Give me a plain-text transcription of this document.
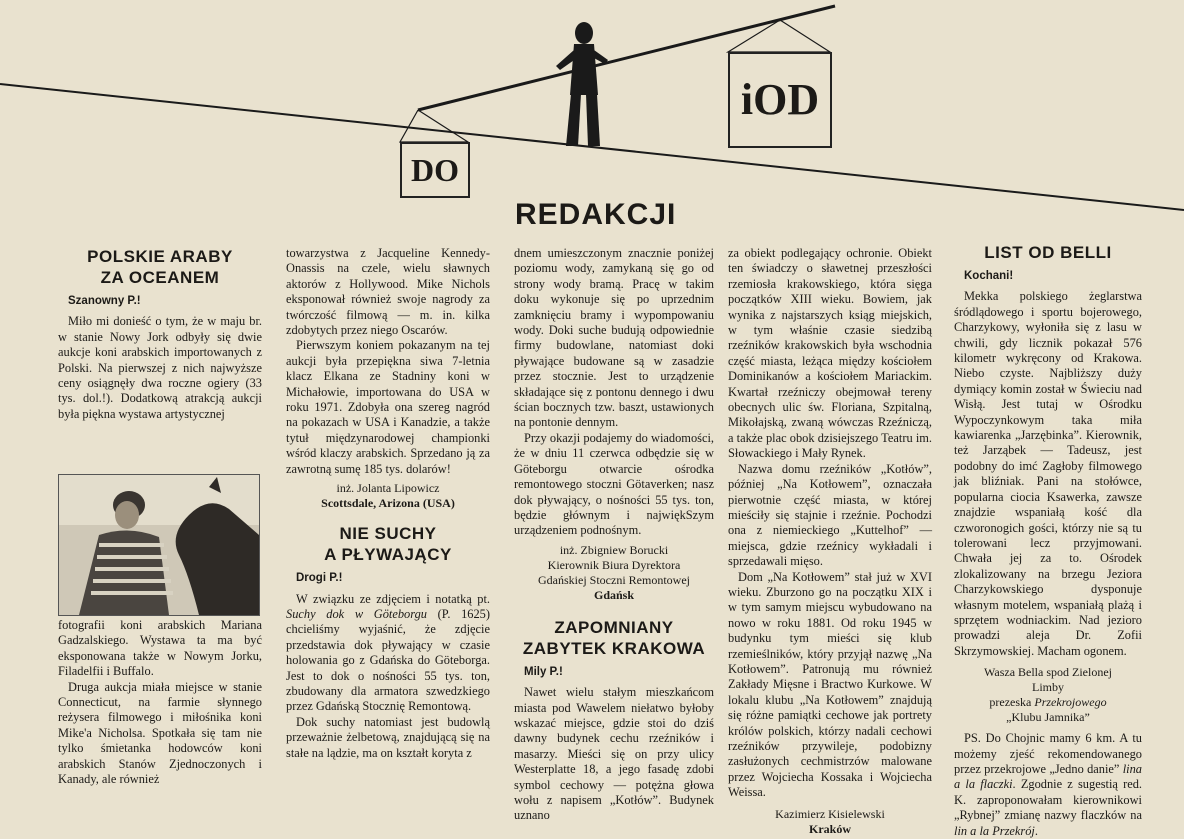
DO
iOD
REDAKCJI
POLSKIE ARABY
ZA OCEANEM
Szanowny P.!

Miło mi donieść o tym, że w maju br. w stanie Nowy Jork odbyły się dwie aukcje koni arabskich importowanych z Polski. Na pierwszej z nich najwyższe ceny osiągnęły dwa roczne ogiery (33 tys. dol.!). Dodatkową atrakcją aukcji była piękna wystawa artystycznej

fotografii koni arabskich Mariana Gadzalskiego. Wystawa ta ma być eksponowana także w Nowym Jorku, Filadelfii i Buffalo.

Druga aukcja miała miejsce w stanie Connecticut, na farmie słynnego reżysera filmowego i miłośnika koni Mike'a Nicholsa. Spotkała się tam nie tylko śmietanka hodowców koni arabskich Stanów Zjednoczonych i Kanady, ale również

towarzystwa z Jacqueline Kennedy-Onassis na czele, wielu sławnych aktorów z Hollywood. Mike Nichols eksponował również swoje nagrody za twórczość filmową — m. in. kilka zdobytych przez niego Oscarów.

Pierwszym koniem pokazanym na tej aukcji była przepiękna siwa 7-letnia klacz Elkana ze Stadniny koni w Michałowie, importowana do USA w roku 1971. Zdobyła ona szereg nagród na pokazach w USA i Kanadzie, a także tytuł międzynarodowej championki wśród klaczy arabskich. Sprzedano ją za zawrotną sumę 185 tys. dolarów!

inż. Jolanta Lipowicz
Scottsdale, Arizona (USA)
NIE SUCHY
A PŁYWAJĄCY
Drogi P.!

W związku ze zdjęciem i notatką pt. Suchy dok w Göteborgu (P. 1625) chcieliśmy wyjaśnić, że zdjęcie przedstawia dok pływający w czasie holowania go z Gdańska do Göteborga. Jest to dok o nośności 55 tys. ton, zbudowany dla armatora szwedzkiego przez Gdańską Stocznię Remontową.

Dok suchy natomiast jest budowlą przeważnie żelbetową, znajdującą się na stałe na lądzie, ma on kształt koryta z

dnem umieszczonym znacznie poniżej poziomu wody, zamykaną się go od strony wody bramą. Pracę w takim doku wykonuje się po uprzednim zamknięciu bramy i wypompowaniu wody. Doki suche budują odpowiednie firmy budowlane, natomiast doki pływające budowane są w zasadzie przez stocznie. Jest to urządzenie składające się z pontonu dennego i dwu ścian bocznych tzw. baszt, ustawionych na pontonie dennym.

Przy okazji podajemy do wiadomości, że w dniu 11 czerwca odbędzie się w Göteborgu otwarcie ośrodka remontowego stoczni Götaverken; nasz dok pływający, o nośności 55 tys. ton, będzie głównym i najwiękSzym urządzeniem podnośnym.

inż. Zbigniew Borucki
Kierownik Biura Dyrektora
Gdańskiej Stoczni Remontowej
Gdańsk
ZAPOMNIANY
ZABYTEK KRAKOWA
Mily P.!

Nawet wielu stałym mieszkańcom miasta pod Wawelem niełatwo byłoby wskazać miejsce, gdzie stoi do dziś dawny budynek cechu rzeźników i masarzy. Mieści się on przy ulicy Westerplatte 18, a jego fasadę zdobi symbol cechowy — potężna głowa wołu z napisem „Kotłów”. Budynek uznano

za obiekt podlegający ochronie. Obiekt ten świadczy o sławetnej przeszłości rzemiosła krakowskiego, która sięga początków XIII wieku. Bowiem, jak wynika z najstarszych ksiąg miejskich, w tym właśnie czasie siedzibą rzeźników krakowskich była wschodnia część miasta, leżąca między kościołem Dominikanów a kościołem Mariackim. Kwartał rzeźniczy obejmował tereny obecnych ulic św. Floriana, Szpitalną, Mikołajską, zwaną wówczas Rzeźniczą, a także plac obok dzisiejszego Teatru im. Słowackiego i Mały Rynek.

Nazwa domu rzeźników „Kotłów”, później „Na Kotłowem”, oznaczała pierwotnie część miasta, w której mieściły się stajnie i rzeźnie. Pochodzi ona z niemieckiego „Kuttelhof” — miejsca, gdzie rzeźnicy wykładali i sprzedawali mięso.

Dom „Na Kotłowem” stał już w XVI wieku. Zburzono go na początku XIX i w tym samym miejscu wybudowano na nowo w roku 1881. Od roku 1945 w budynku tym mieści się klub rzemieślników, który przyjął nazwę „Na Kotłowem”. Patronują mu również Zakłady Mięsne i Bractwo Kurkowe. W lokalu klubu „Na Kotłowem” znajdują się różne pamiątki cechowe jak portrety królów polskich, którzy nadali cechowi rzeźników przywileje, podobizny zasłużonych cechmistrzów malowane przez Wojciecha Kossaka i Wojciecha Weissa.

Kazimierz Kisielewski
Kraków
LIST OD BELLI
Kochani!

Mekka polskiego żeglarstwa śródlądowego i sportu bojerowego, Charzykowy, wyłoniła się z lasu w chwili, gdy licznik pokazał 576 kilometr wykręcony od Krakowa. Niebo czyste. Najbliższy duży dymiący komin został w Świeciu nad Wisłą. Jest tutaj w Ośrodku Wypoczynkowym taka miła kawiarenka „Jarzębinka”. Kierownik, też Jarząbek — Tadeusz, jest podobny do imć Zagłoby filmowego jak bliźniak. Pani na stołówce, popularna ciocia Ksawerka, zawsze znajdzie wspaniałą kość dla czworonogich gości, którzy nie są tu tolerowani lecz przyjmowani. Chwała jej za to. Ośrodek zlokalizowany na brzegu Jeziora Charzykowskiego dysponuje własnym motelem, wspaniałą plażą i sprzętem wodniackim. Nad jezioro prowadzi aleja Dr. Zofii Skrzymowskiej. Macham ogonem.

Wasza Bella spod Zielonej
Limby
prezeska Przekrojowego
„Klubu Jamnika”

PS. Do Chojnic mamy 6 km. A tu możemy zjeść rekomendowanego przez przekrojowe „Jedno danie” lina a la flaczki. Zgodnie z sugestią red. K. zaproponowałam kierownikowi „Rybnej” zmianę nazwy flaczków na lin a la Przekrój.
